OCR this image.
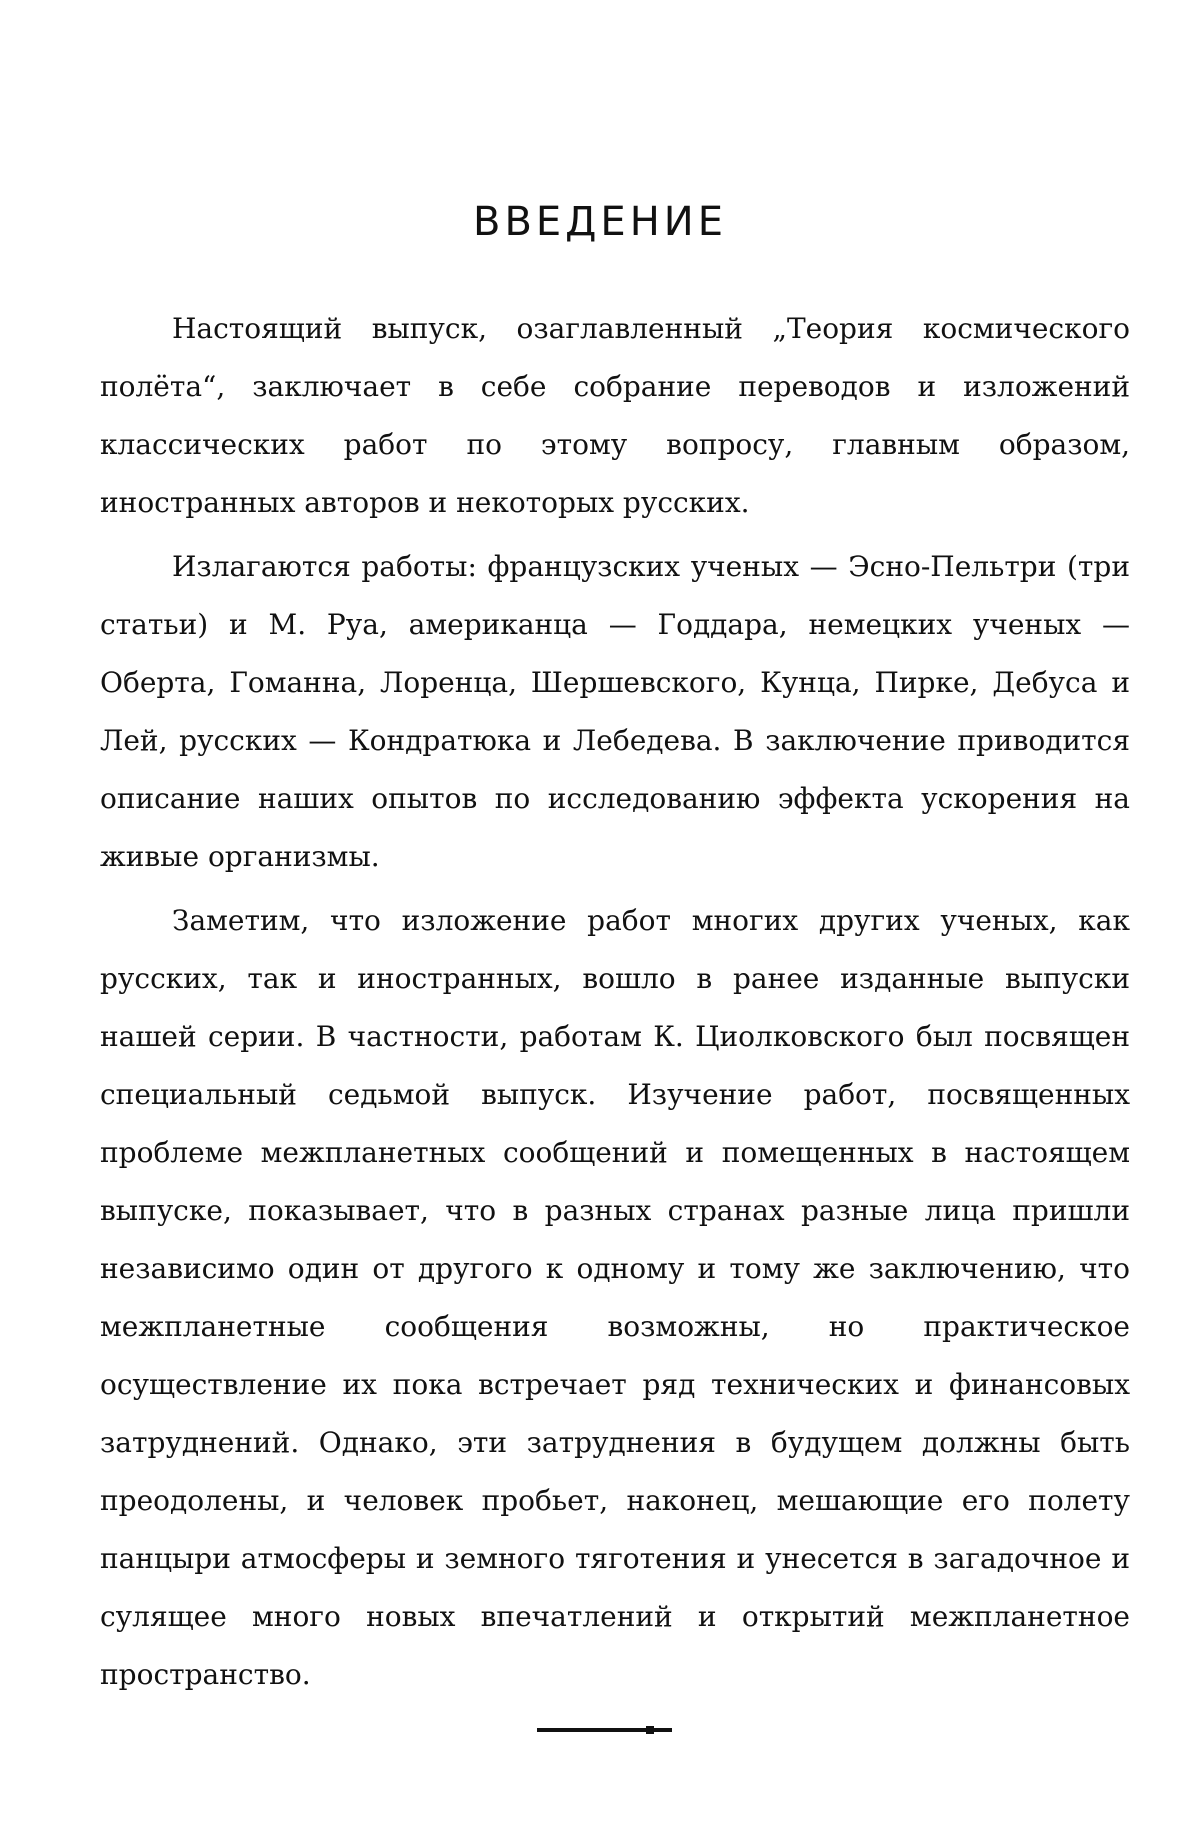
ВВЕДЕНИЕ

Настоящий выпуск, озаглавленный „Теория космического полёта“, заключает в себе собрание переводов и изложений классических работ по этому вопросу, главным образом, иностранных авторов и некоторых русских.

Излагаются работы: французских ученых — Эсно-Пельтри (три статьи) и М. Руа, американца — Годдара, немецких ученых — Оберта, Гоманна, Лоренца, Шершевского, Кунца, Пирке, Дебуса и Лей, русских — Кондратюка и Лебедева. В заключение приводится описание наших опытов по исследованию эффекта ускорения на живые организмы.

Заметим, что изложение работ многих других ученых, как русских, так и иностранных, вошло в ранее изданные выпуски нашей серии. В частности, работам К. Циолковского был посвящен специальный седьмой выпуск. Изучение работ, посвященных проблеме межпланетных сообщений и помещенных в настоящем выпуске, показывает, что в разных странах разные лица пришли независимо один от другого к одному и тому же заключению, что межпланетные сообщения возможны, но практическое осуществление их пока встречает ряд технических и финансовых затруднений. Однако, эти затруднения в будущем должны быть преодолены, и человек пробьет, наконец, мешающие его полету панцыри атмосферы и земного тяготения и унесется в загадочное и сулящее много новых впечатлений и открытий межпланетное пространство.
